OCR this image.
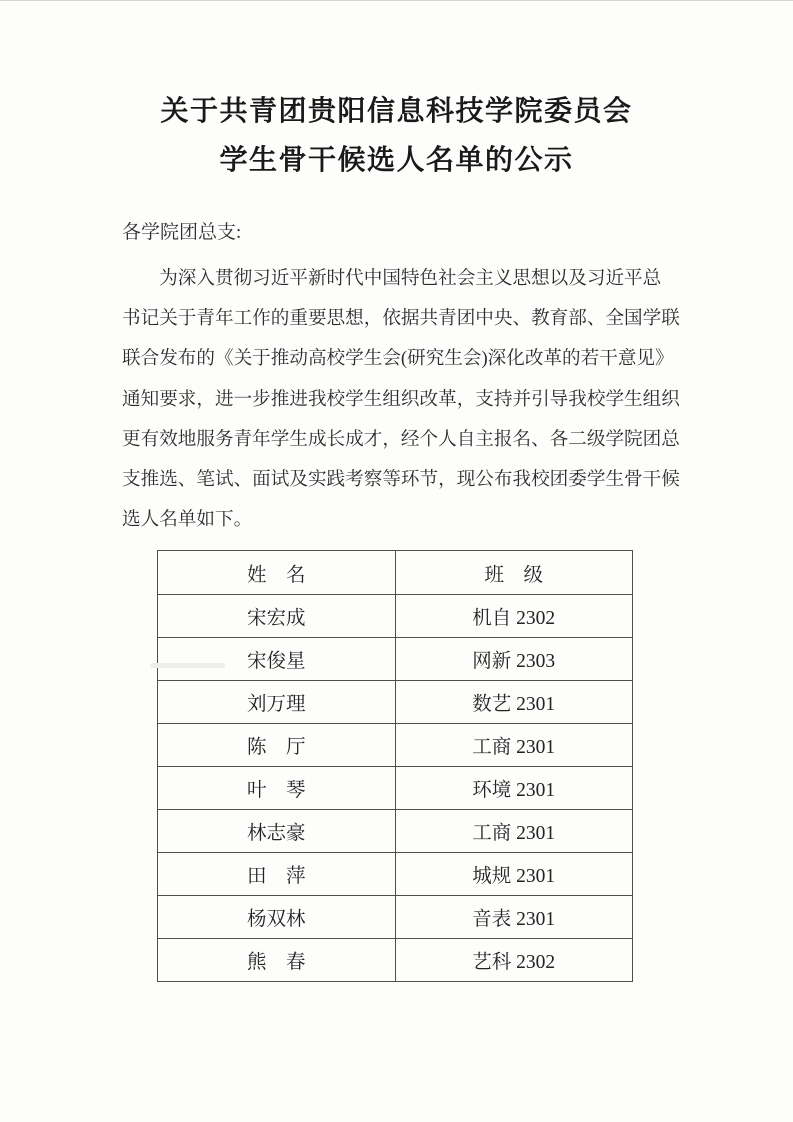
关于共青团贵阳信息科技学院委员会
学生骨干候选人名单的公示
各学院团总支:
为深入贯彻习近平新时代中国特色社会主义思想以及习近平总
书记关于青年工作的重要思想，依据共青团中央、教育部、全国学联
联合发布的《关于推动高校学生会(研究生会)深化改革的若干意见》
通知要求，进一步推进我校学生组织改革，支持并引导我校学生组织
更有效地服务青年学生成长成才，经个人自主报名、各二级学院团总
支推选、笔试、面试及实践考察等环节，现公布我校团委学生骨干候
选人名单如下。
姓　名	班　级
宋宏成	机自 2302
宋俊星	网新 2303
刘万理	数艺 2301
陈　厅	工商 2301
叶　琴	环境 2301
林志豪	工商 2301
田　萍	城规 2301
杨双林	音表 2301
熊　春	艺科 2302
